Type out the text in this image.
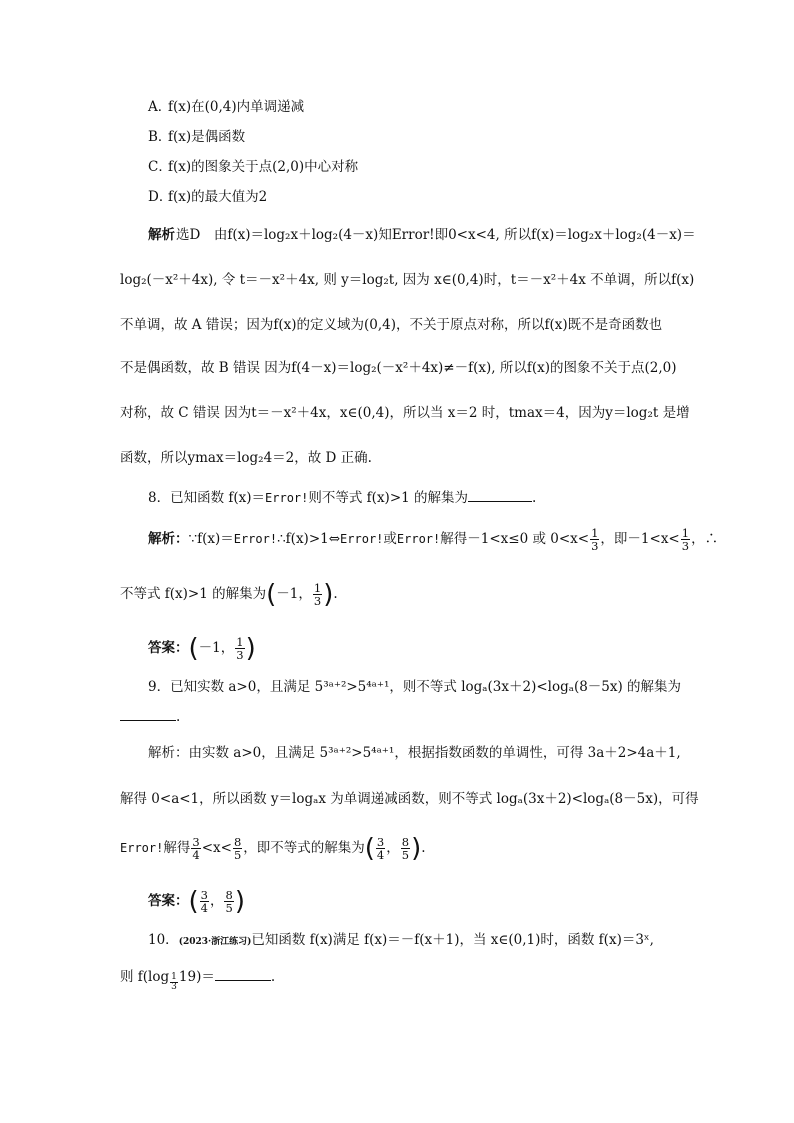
A．
f(x)在(0,4)内单调递减
B．
f(x)是偶函数
C．
f(x)的图象关于点(2,0)中心对称
D．
f(x)的最大值为2
解析 选D　由f(x)＝log₂x＋log₂(4－x)知Error!即0<x<4, 所以f(x)＝log₂x＋log₂(4－x)＝
log₂(－x²＋4x), 令 t＝－x²＋4x, 则 y＝log₂t, 因为 x∈(0,4)时，t＝－x²＋4x 不单调，所以f(x)
不单调，故 A 错误；因为f(x)的定义域为(0,4)，不关于原点对称，所以f(x)既不是奇函数也
不是偶函数，故 B 错误 因为f(4－x)＝log₂(－x²＋4x)≠－f(x), 所以f(x)的图象不关于点(2,0)
对称，故 C 错误 因为t＝－x²＋4x，x∈(0,4)，所以当 x＝2 时，tmax＝4，因为y＝log₂t 是增
函数，所以ymax＝log₂4＝2，故 D 正确.
8．已知函数 f(x)＝Error!则不等式 f(x)>1 的解集为	.
解析：∵f(x)＝Error!∴f(x)>1⇔Error!或Error!解得－1<x≤0 或 $0<x< \frac{1}{3}$ ，即$-1<x< \frac{1}{3}$ ，∴
不等式 f(x)>1 的解集为(－1， $\frac{1}{3}$ ).
答案：(－1， $\frac{1}{3}$ )
9．已知实数 a>0，且满足 5³ᵃ⁺²>5⁴ᵃ⁺¹，则不等式 logₐ(3x＋2)<logₐ(8－5x) 的解集为
.
解析：由实数 a>0，且满足 5³ᵃ⁺²>5⁴ᵃ⁺¹，根据指数函数的单调性，可得 3a＋2>4a＋1,
解得 0<a<1，所以函数 y＝logₐx 为单调递减函数，则不等式 logₐ(3x＋2)<logₐ(8－5x)，可得
Error!解得 $\frac{3}{4} <x< \frac{8}{5}$ ，即不等式的解集为( $\frac{3}{4}$ ， $\frac{8}{5}$ ).
答案：( $\frac{3}{4}$ ， $\frac{8}{5}$ )
10．(2023·浙江练习)已知函数 f(x)满足 f(x)＝－f(x＋1)，当 x∈(0,1)时，函数 f(x)＝3ˣ,
则 $f(\log \frac{1}{3} 19)=$	.
